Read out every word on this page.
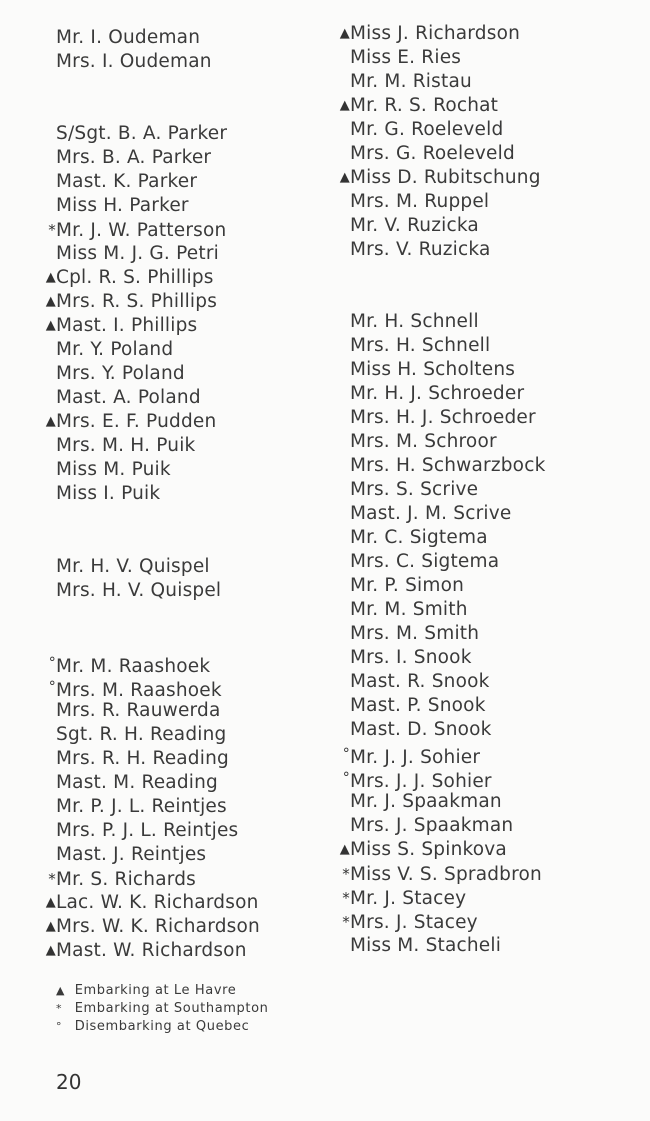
Mr. I. Oudeman
Mrs. I. Oudeman
S/Sgt. B. A. Parker
Mrs. B. A. Parker
Mast. K. Parker
Miss H. Parker
*Mr. J. W. Patterson
Miss M. J. G. Petri
▲Cpl. R. S. Phillips
▲Mrs. R. S. Phillips
▲Mast. I. Phillips
Mr. Y. Poland
Mrs. Y. Poland
Mast. A. Poland
▲Mrs. E. F. Pudden
Mrs. M. H. Puik
Miss M. Puik
Miss I. Puik
Mr. H. V. Quispel
Mrs. H. V. Quispel
°Mr. M. Raashoek
°Mrs. M. Raashoek
Mrs. R. Rauwerda
Sgt. R. H. Reading
Mrs. R. H. Reading
Mast. M. Reading
Mr. P. J. L. Reintjes
Mrs. P. J. L. Reintjes
Mast. J. Reintjes
*Mr. S. Richards
▲Lac. W. K. Richardson
▲Mrs. W. K. Richardson
▲Mast. W. Richardson
▲Miss J. Richardson
Miss E. Ries
Mr. M. Ristau
▲Mr. R. S. Rochat
Mr. G. Roeleveld
Mrs. G. Roeleveld
▲Miss D. Rubitschung
Mrs. M. Ruppel
Mr. V. Ruzicka
Mrs. V. Ruzicka
Mr. H. Schnell
Mrs. H. Schnell
Miss H. Scholtens
Mr. H. J. Schroeder
Mrs. H. J. Schroeder
Mrs. M. Schroor
Mrs. H. Schwarzbock
Mrs. S. Scrive
Mast. J. M. Scrive
Mr. C. Sigtema
Mrs. C. Sigtema
Mr. P. Simon
Mr. M. Smith
Mrs. M. Smith
Mrs. I. Snook
Mast. R. Snook
Mast. P. Snook
Mast. D. Snook
°Mr. J. J. Sohier
°Mrs. J. J. Sohier
Mr. J. Spaakman
Mrs. J. Spaakman
▲Miss S. Spinkova
*Miss V. S. Spradbron
*Mr. J. Stacey
*Mrs. J. Stacey
Miss M. Stacheli
▲ Embarking at Le Havre
* Embarking at Southampton
° Disembarking at Quebec
20
